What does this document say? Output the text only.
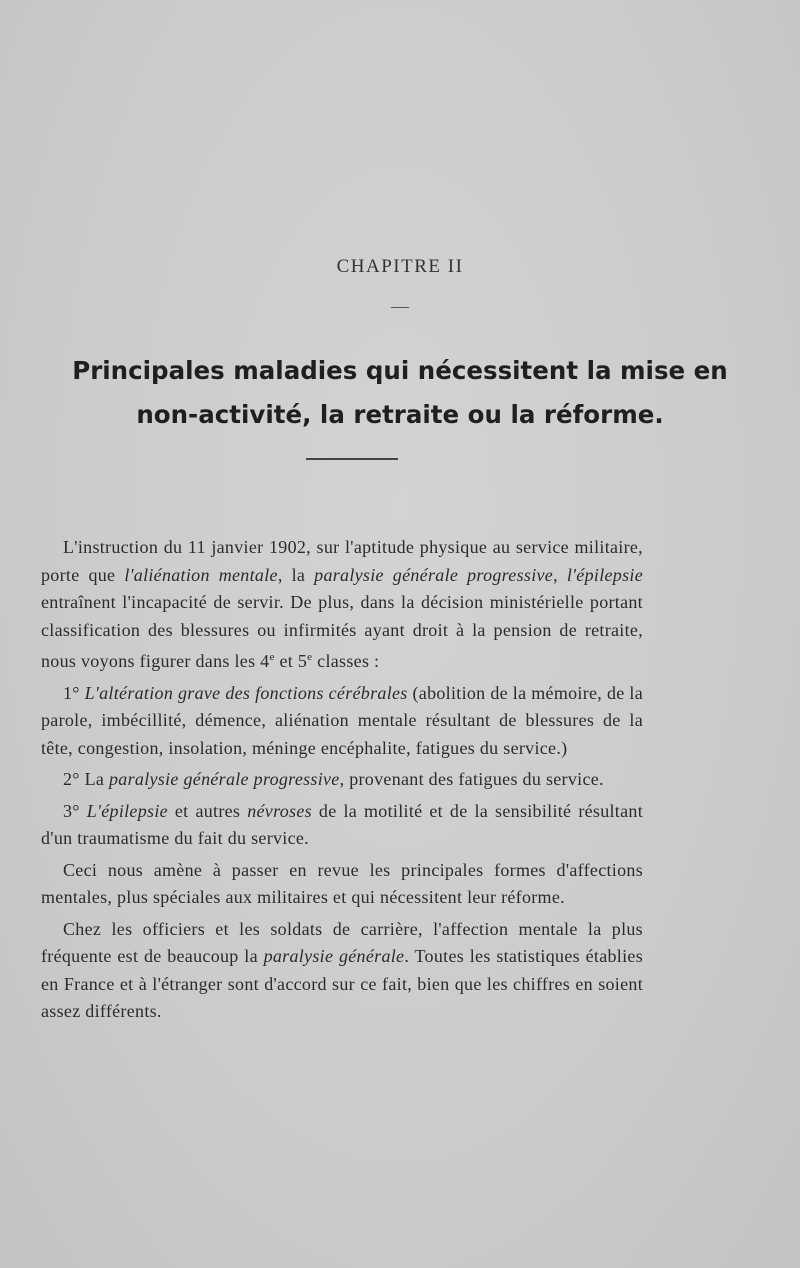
CHAPITRE II
—
Principales maladies qui nécessitent la mise en
non-activité, la retraite ou la réforme.

L'instruction du 11 janvier 1902, sur l'aptitude physique au service militaire, porte que l'aliénation mentale, la paralysie générale progressive, l'épilepsie entraînent l'incapacité de servir. De plus, dans la décision ministérielle portant classification des blessures ou infirmités ayant droit à la pension de retraite, nous voyons figurer dans les 4e et 5e classes :

1° L'altération grave des fonctions cérébrales (abolition de la mémoire, de la parole, imbécillité, démence, aliénation mentale résultant de blessures de la tête, congestion, insolation, méninge encéphalite, fatigues du service.)

2° La paralysie générale progressive, provenant des fatigues du service.

3° L'épilepsie et autres névroses de la motilité et de la sensibilité résultant d'un traumatisme du fait du service.

Ceci nous amène à passer en revue les principales formes d'affections mentales, plus spéciales aux militaires et qui nécessitent leur réforme.

Chez les officiers et les soldats de carrière, l'affection mentale la plus fréquente est de beaucoup la paralysie générale. Toutes les statistiques établies en France et à l'étranger sont d'accord sur ce fait, bien que les chiffres en soient assez différents.
